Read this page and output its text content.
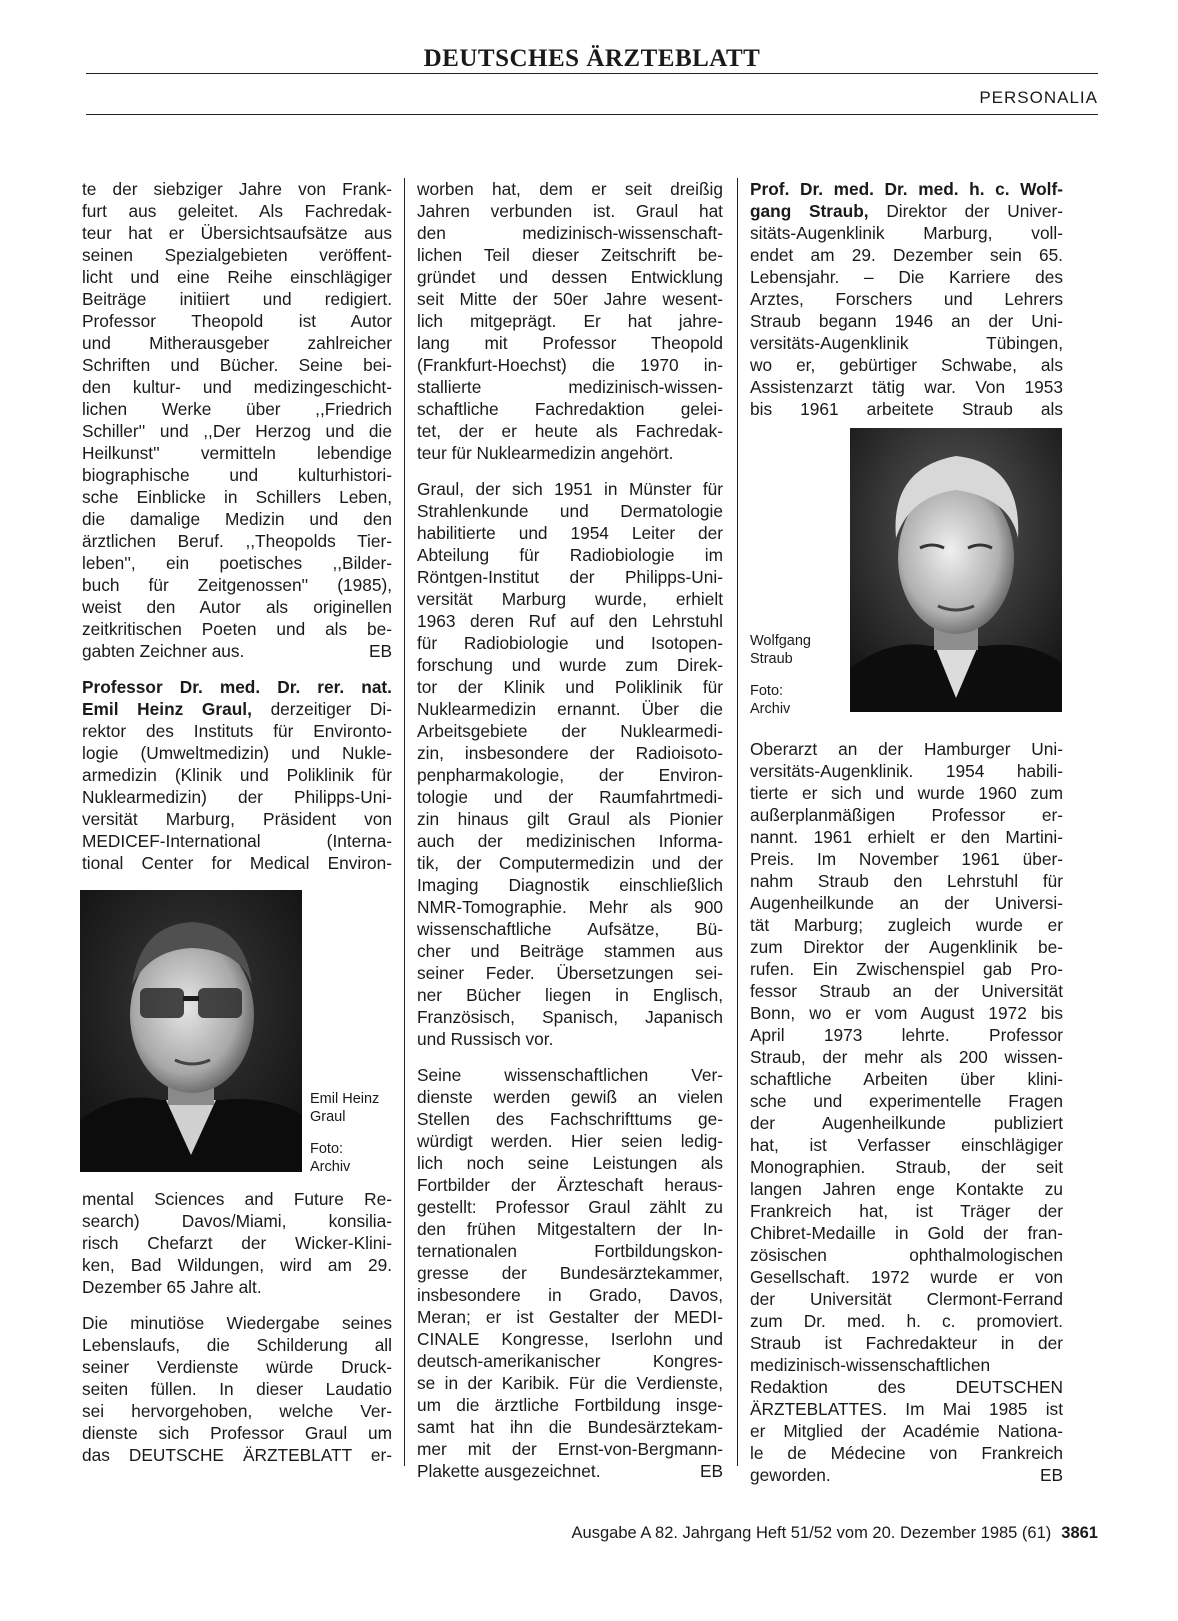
DEUTSCHES ÄRZTEBLATT
PERSONALIA

te der siebziger Jahre von Frank-
furt aus geleitet. Als Fachredak-
teur hat er Übersichtsaufsätze aus
seinen Spezialgebieten veröffent-
licht und eine Reihe einschlägiger
Beiträge initiiert und redigiert.
Professor Theopold ist Autor
und Mitherausgeber zahlreicher
Schriften und Bücher. Seine bei-
den kultur- und medizingeschicht-
lichen Werke über ,,Friedrich
Schiller'' und ,,Der Herzog und die
Heilkunst'' vermitteln lebendige
biographische und kulturhistori-
sche Einblicke in Schillers Leben,
die damalige Medizin und den
ärztlichen Beruf. ,,Theopolds Tier-
leben'', ein poetisches ,,Bilder-
buch für Zeitgenossen'' (1985),
weist den Autor als originellen
zeitkritischen Poeten und als be-
gabten Zeichner aus.	EB

Professor Dr. med. Dr. rer. nat.
Emil Heinz Graul, derzeitiger Di-
rektor des Instituts für Environto-
logie (Umweltmedizin) und Nukle-
armedizin (Klinik und Poliklinik für
Nuklearmedizin) der Philipps-Uni-
versität Marburg, Präsident von
MEDICEF-International (Interna-
tional Center for Medical Environ-

Emil Heinz
Graul
Foto:
Archiv

mental Sciences and Future Re-
search) Davos/Miami, konsilia-
risch Chefarzt der Wicker-Klini-
ken, Bad Wildungen, wird am 29.
Dezember 65 Jahre alt.

Die minutiöse Wiedergabe seines
Lebenslaufs, die Schilderung all
seiner Verdienste würde Druck-
seiten füllen. In dieser Laudatio
sei hervorgehoben, welche Ver-
dienste sich Professor Graul um
das DEUTSCHE ÄRZTEBLATT er-

worben hat, dem er seit dreißig
Jahren verbunden ist. Graul hat
den medizinisch-wissenschaft-
lichen Teil dieser Zeitschrift be-
gründet und dessen Entwicklung
seit Mitte der 50er Jahre wesent-
lich mitgeprägt. Er hat jahre-
lang mit Professor Theopold
(Frankfurt-Hoechst) die 1970 in-
stallierte medizinisch-wissen-
schaftliche Fachredaktion gelei-
tet, der er heute als Fachredak-
teur für Nuklearmedizin angehört.

Graul, der sich 1951 in Münster für
Strahlenkunde und Dermatologie
habilitierte und 1954 Leiter der
Abteilung für Radiobiologie im
Röntgen-Institut der Philipps-Uni-
versität Marburg wurde, erhielt
1963 deren Ruf auf den Lehrstuhl
für Radiobiologie und Isotopen-
forschung und wurde zum Direk-
tor der Klinik und Poliklinik für
Nuklearmedizin ernannt. Über die
Arbeitsgebiete der Nuklearmedi-
zin, insbesondere der Radioisoto-
penpharmakologie, der Environ-
tologie und der Raumfahrtmedi-
zin hinaus gilt Graul als Pionier
auch der medizinischen Informa-
tik, der Computermedizin und der
Imaging Diagnostik einschließlich
NMR-Tomographie. Mehr als 900
wissenschaftliche Aufsätze, Bü-
cher und Beiträge stammen aus
seiner Feder. Übersetzungen sei-
ner Bücher liegen in Englisch,
Französisch, Spanisch, Japanisch
und Russisch vor.

Seine wissenschaftlichen Ver-
dienste werden gewiß an vielen
Stellen des Fachschrifttums ge-
würdigt werden. Hier seien ledig-
lich noch seine Leistungen als
Fortbilder der Ärzteschaft heraus-
gestellt: Professor Graul zählt zu
den frühen Mitgestaltern der In-
ternationalen Fortbildungskon-
gresse der Bundesärztekammer,
insbesondere in Grado, Davos,
Meran; er ist Gestalter der MEDI-
CINALE Kongresse, Iserlohn und
deutsch-amerikanischer Kongres-
se in der Karibik. Für die Verdienste,
um die ärztliche Fortbildung insge-
samt hat ihn die Bundesärztekam-
mer mit der Ernst-von-Bergmann-
Plakette ausgezeichnet.	EB

Prof. Dr. med. Dr. med. h. c. Wolf-
gang Straub, Direktor der Univer-
sitäts-Augenklinik Marburg, voll-
endet am 29. Dezember sein 65.
Lebensjahr. – Die Karriere des
Arztes, Forschers und Lehrers
Straub begann 1946 an der Uni-
versitäts-Augenklinik Tübingen,
wo er, gebürtiger Schwabe, als
Assistenzarzt tätig war. Von 1953
bis 1961 arbeitete Straub als

Wolfgang
Straub
Foto:
Archiv

Oberarzt an der Hamburger Uni-
versitäts-Augenklinik. 1954 habili-
tierte er sich und wurde 1960 zum
außerplanmäßigen Professor er-
nannt. 1961 erhielt er den Martini-
Preis. Im November 1961 über-
nahm Straub den Lehrstuhl für
Augenheilkunde an der Universi-
tät Marburg; zugleich wurde er
zum Direktor der Augenklinik be-
rufen. Ein Zwischenspiel gab Pro-
fessor Straub an der Universität
Bonn, wo er vom August 1972 bis
April 1973 lehrte. Professor
Straub, der mehr als 200 wissen-
schaftliche Arbeiten über klini-
sche und experimentelle Fragen
der Augenheilkunde publiziert
hat, ist Verfasser einschlägiger
Monographien. Straub, der seit
langen Jahren enge Kontakte zu
Frankreich hat, ist Träger der
Chibret-Medaille in Gold der fran-
zösischen ophthalmologischen
Gesellschaft. 1972 wurde er von
der Universität Clermont-Ferrand
zum Dr. med. h. c. promoviert.
Straub ist Fachredakteur in der
medizinisch-wissenschaftlichen
Redaktion des DEUTSCHEN
ÄRZTEBLATTES. Im Mai 1985 ist
er Mitglied der Académie Nationa-
le de Médecine von Frankreich
geworden.	EB

Ausgabe A 82. Jahrgang Heft 51/52 vom 20. Dezember 1985 (61) 3861
